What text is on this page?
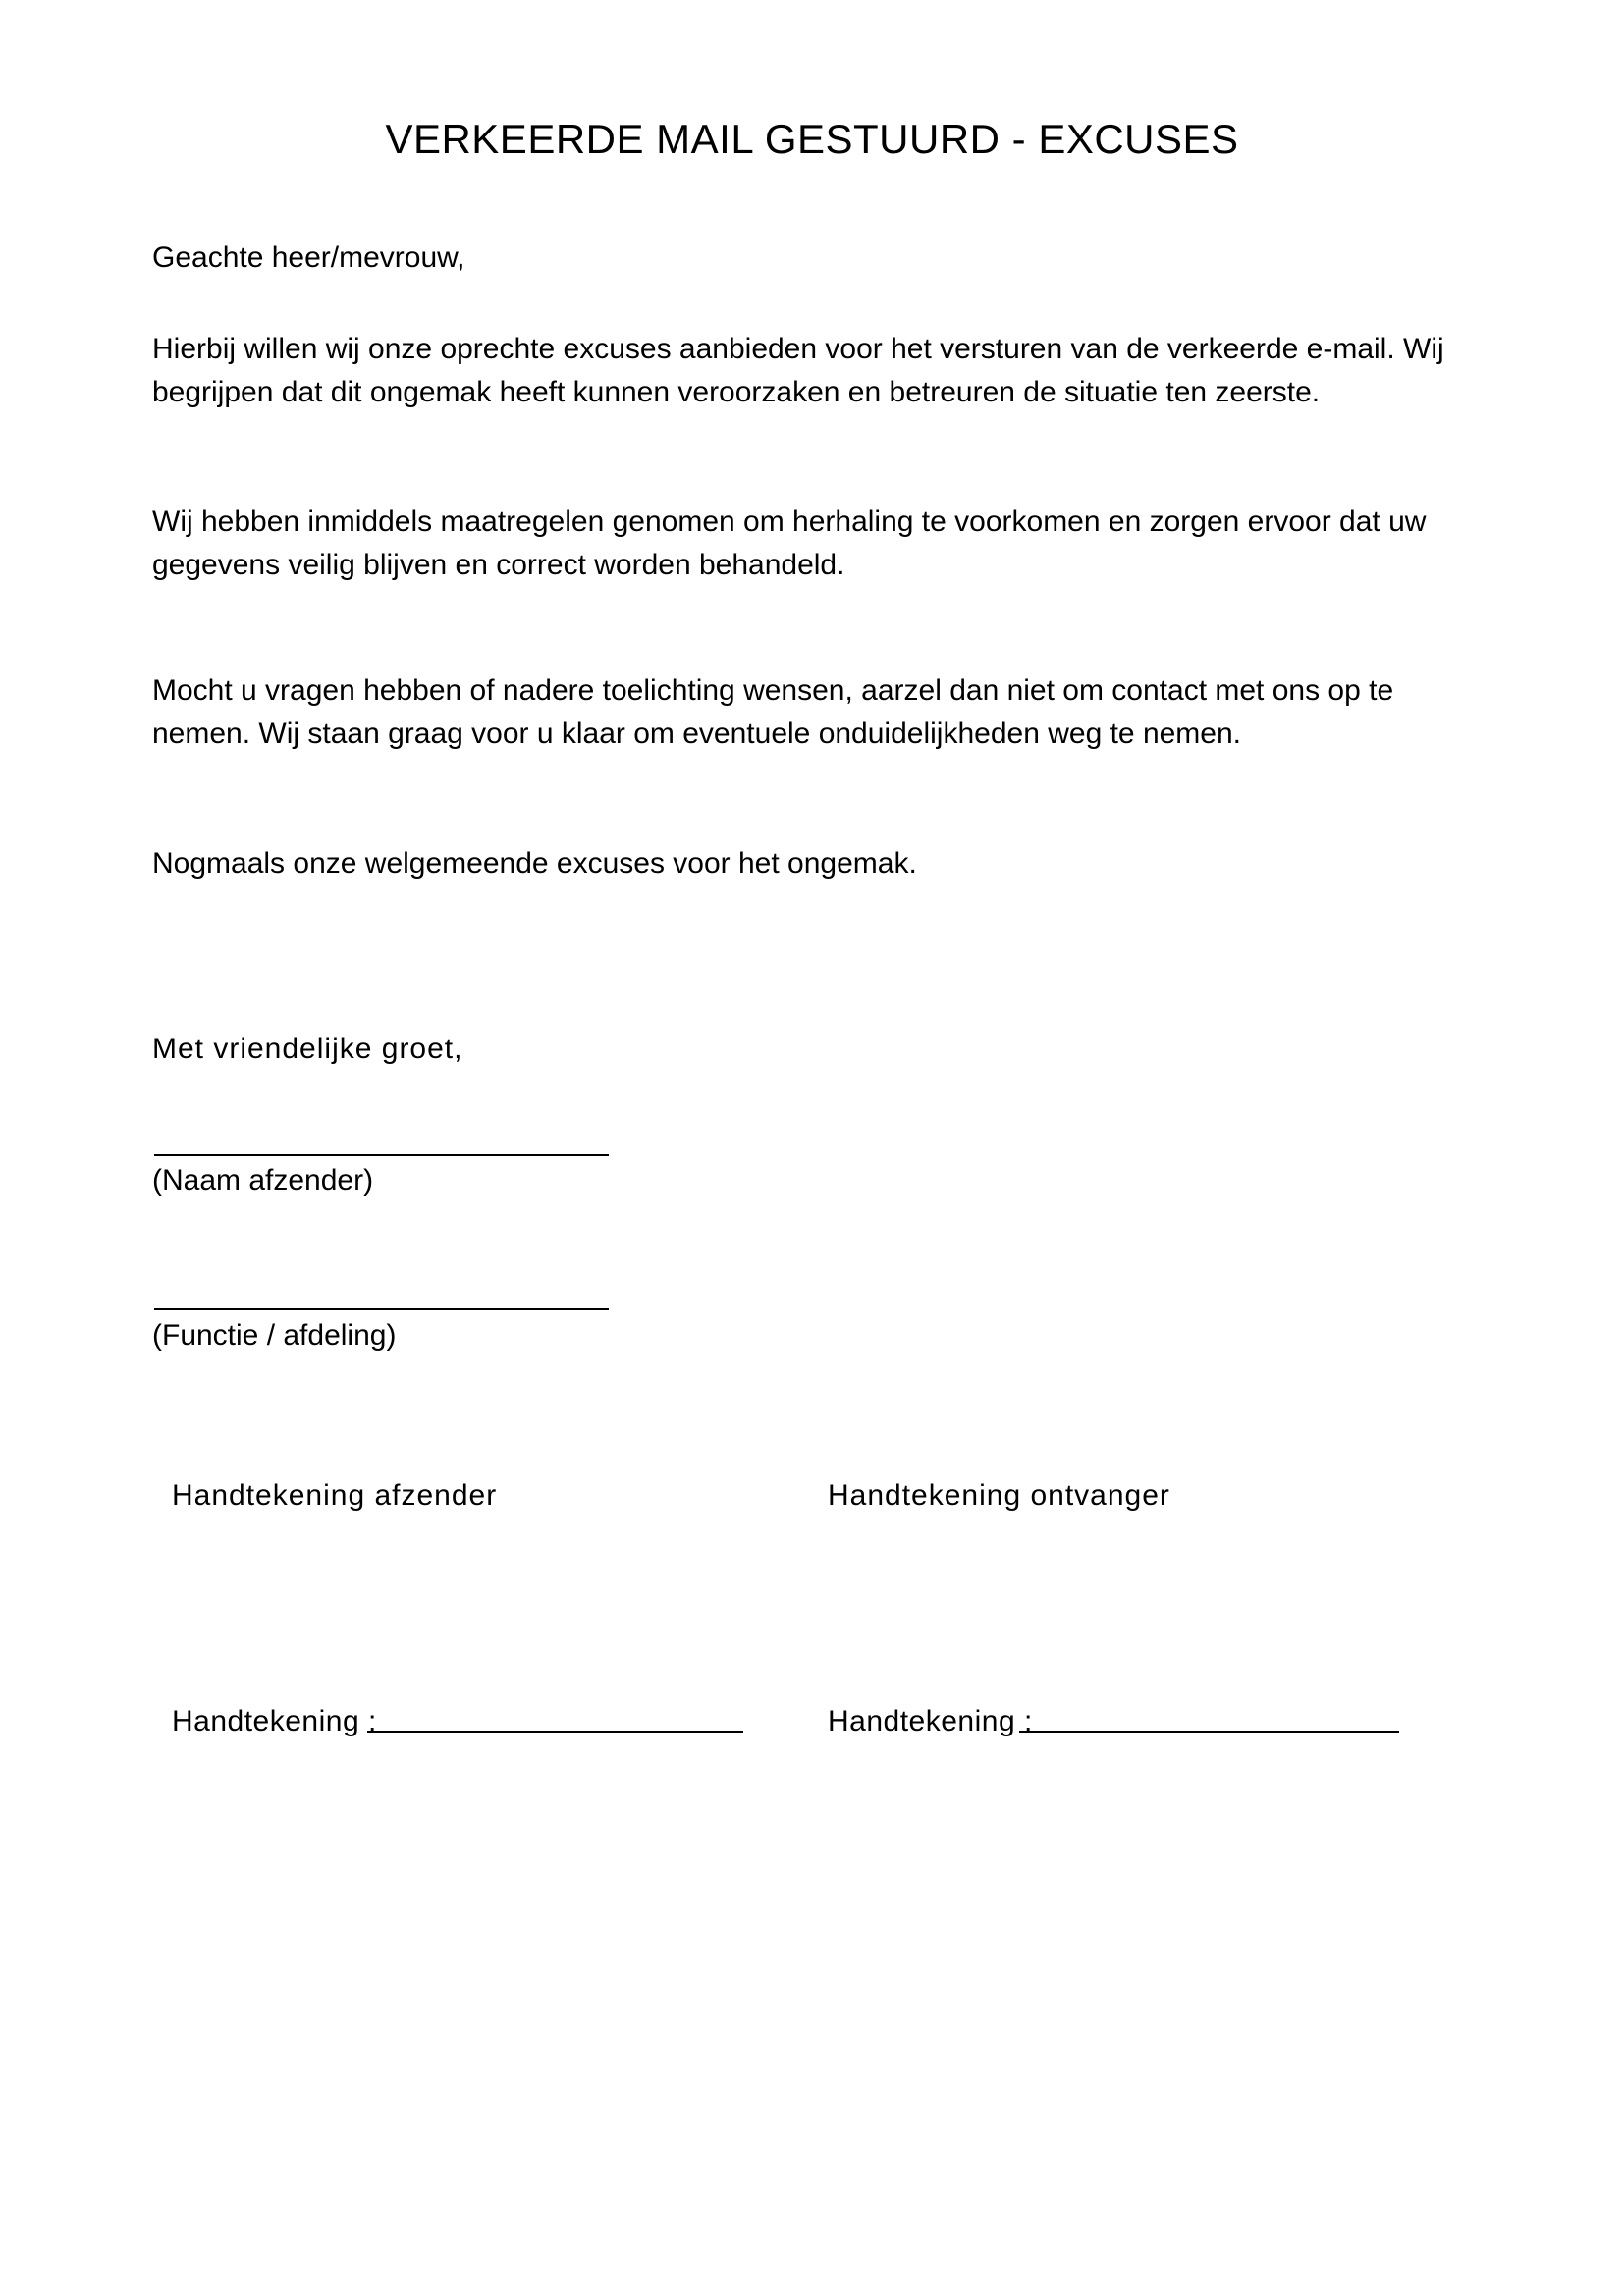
VERKEERDE MAIL GESTUURD - EXCUSES

Geachte heer/mevrouw,

Hierbij willen wij onze oprechte excuses aanbieden voor het versturen van de verkeerde e-mail. Wij begrijpen dat dit ongemak heeft kunnen veroorzaken en betreuren de situatie ten zeerste.

Wij hebben inmiddels maatregelen genomen om herhaling te voorkomen en zorgen ervoor dat uw gegevens veilig blijven en correct worden behandeld.

Mocht u vragen hebben of nadere toelichting wensen, aarzel dan niet om contact met ons op te nemen. Wij staan graag voor u klaar om eventuele onduidelijkheden weg te nemen.

Nogmaals onze welgemeende excuses voor het ongemak.

Met vriendelijke groet,

(Naam afzender)

(Functie / afdeling)

Handtekening afzender	Handtekening ontvanger

Handtekening :	Handtekening :
